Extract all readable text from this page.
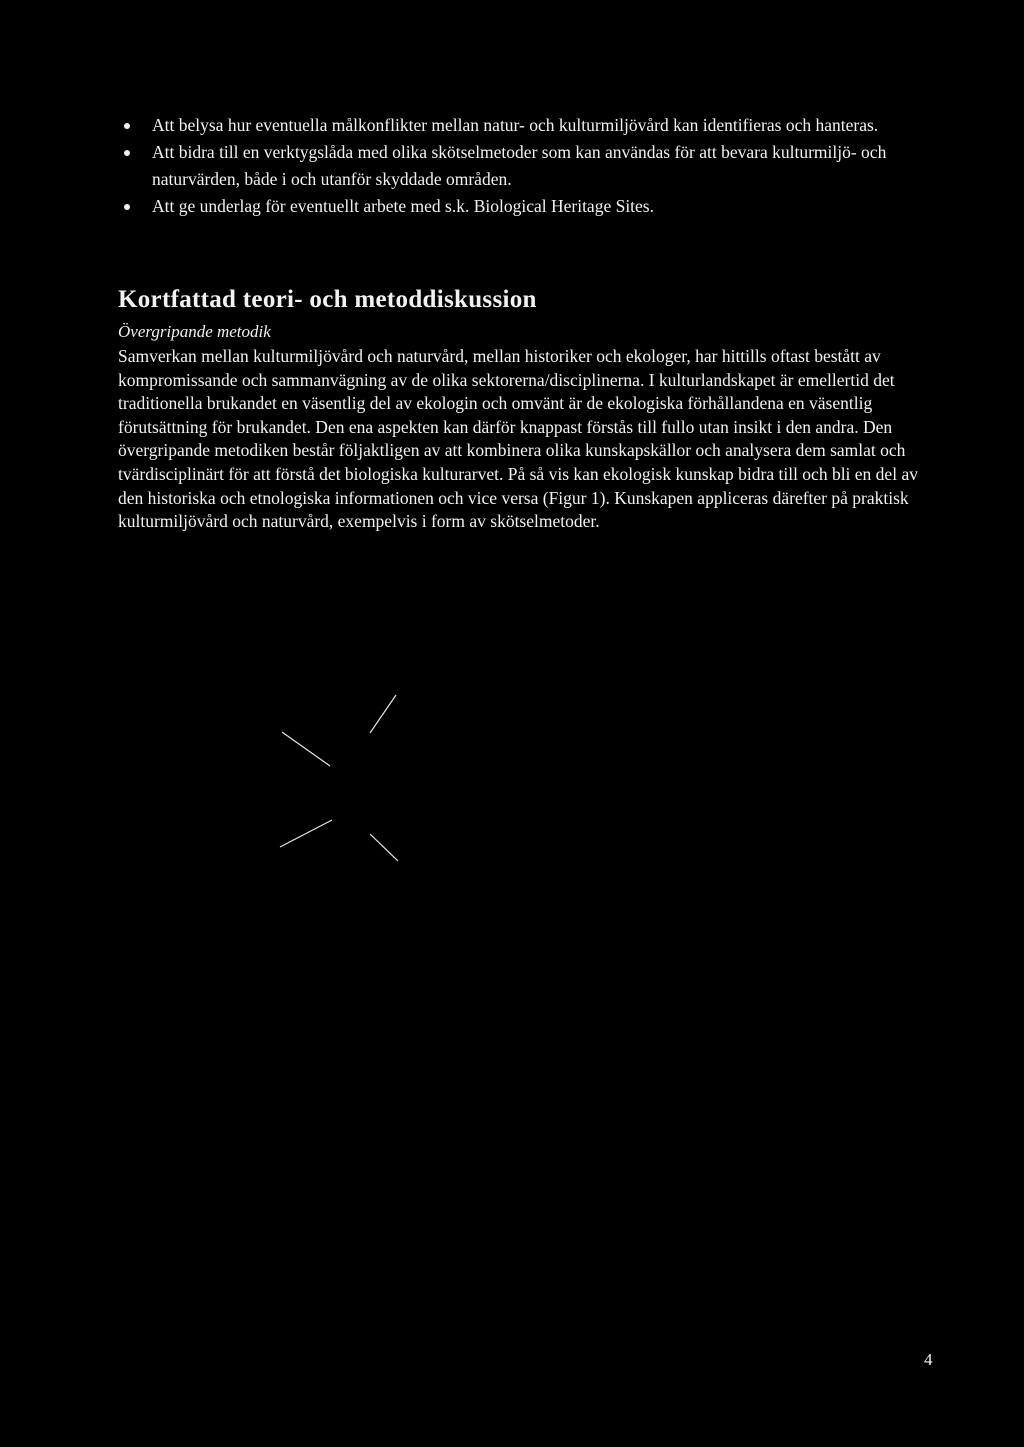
Att belysa hur eventuella målkonflikter mellan natur- och kulturmiljövård kan identifieras och hanteras.
Att bidra till en verktygslåda med olika skötselmetoder som kan användas för att bevara kulturmiljö- och naturvärden, både i och utanför skyddade områden.
Att ge underlag för eventuellt arbete med s.k. Biological Heritage Sites.
Kortfattad teori- och metoddiskussion

Övergripande metodik

Samverkan mellan kulturmiljövård och naturvård, mellan historiker och ekologer, har hittills oftast bestått av kompromissande och sammanvägning av de olika sektorerna/disciplinerna. I kulturlandskapet är emellertid det traditionella brukandet en väsentlig del av ekologin och omvänt är de ekologiska förhållandena en väsentlig förutsättning för brukandet. Den ena aspekten kan därför knappast förstås till fullo utan insikt i den andra. Den övergripande metodiken består följaktligen av att kombinera olika kunskapskällor och analysera dem samlat och tvärdisciplinärt för att förstå det biologiska kulturarvet. På så vis kan ekologisk kunskap bidra till och bli en del av den historiska och etnologiska informationen och vice versa (Figur 1). Kunskapen appliceras därefter på praktisk kulturmiljövård och naturvård, exempelvis i form av skötselmetoder.

4
